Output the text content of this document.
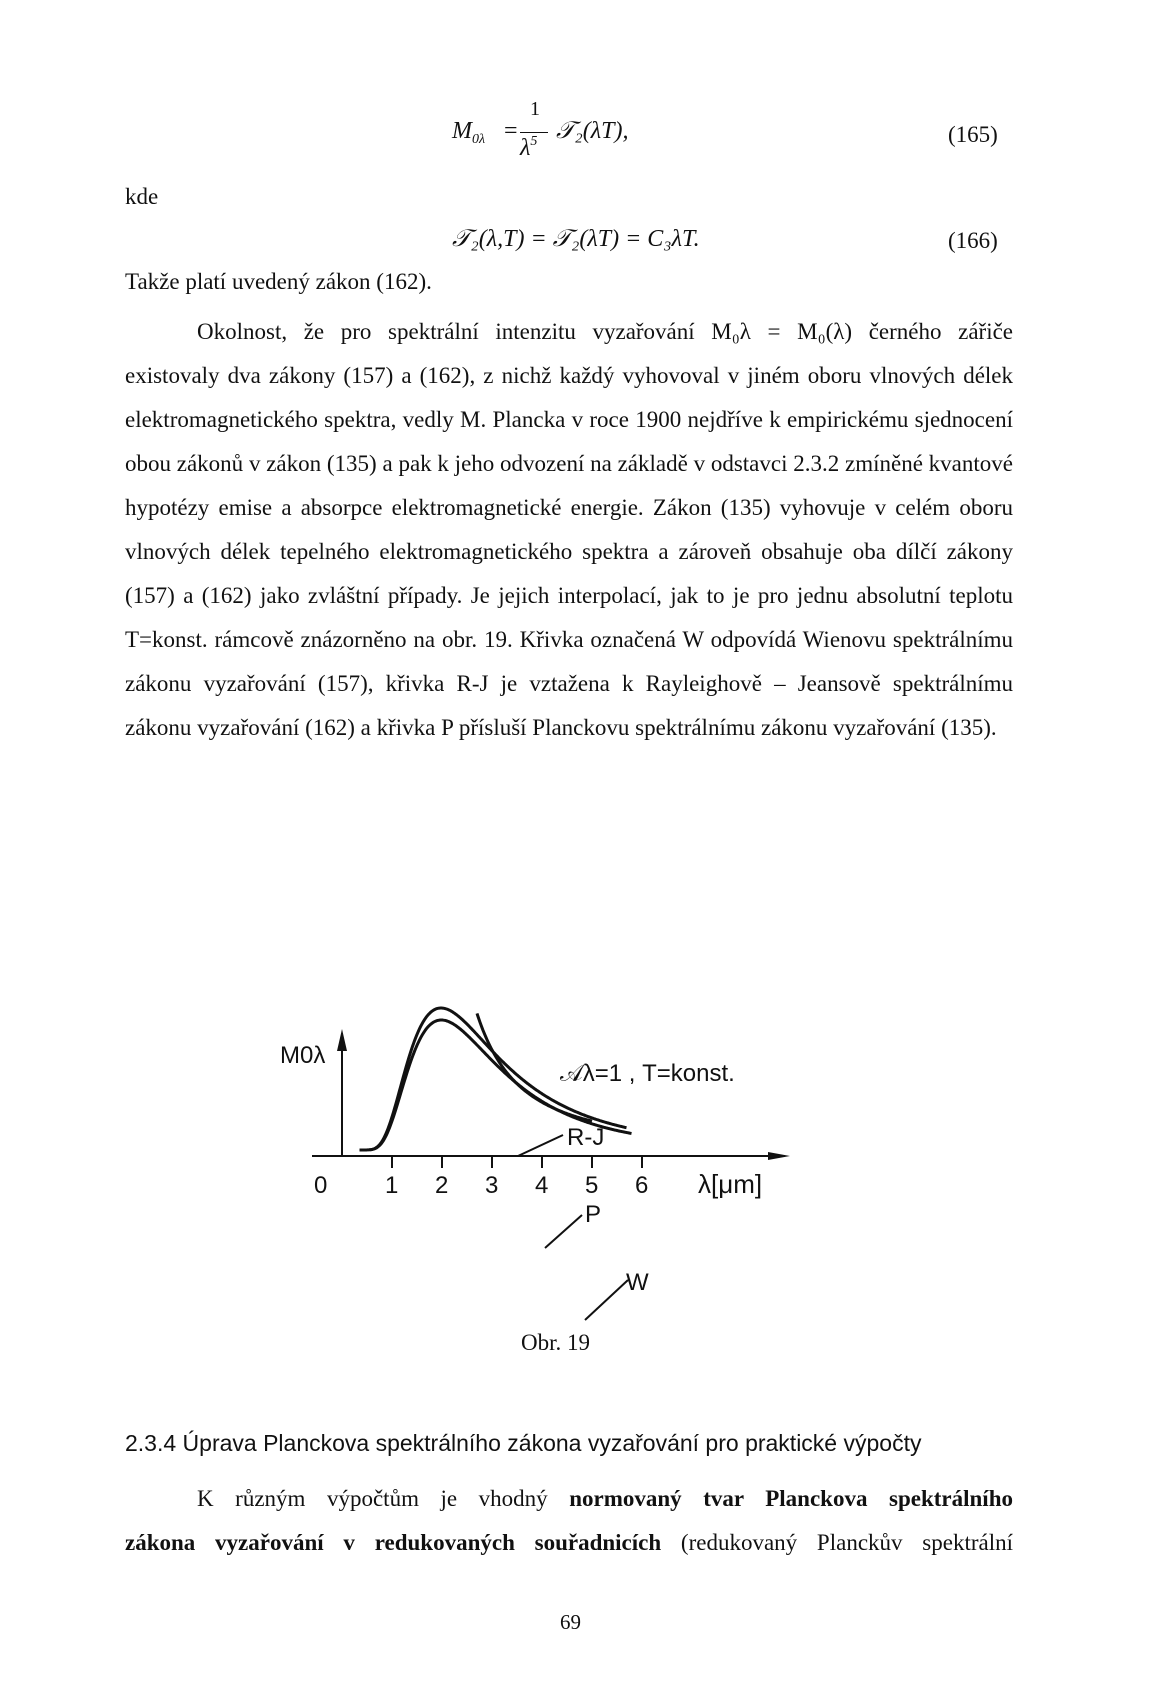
$M_{0\lambda}$ =
1
$\lambda^5$ 𝒯₂(λT),	(165)
kde
𝒯₂(λ,T) = 𝒯₂(λT) = C₃λT.	(166)
Takže platí uvedený zákon (162).

Okolnost, že pro spektrální intenzitu vyzařování M₀λ = M₀(λ) černého zářiče

existovaly dva zákony (157) a (162), z nichž každý vyhovoval v jiném oboru vlnových délek elektromagnetického spektra, vedly M. Plancka v roce 1900 nejdříve k empirickému sjednocení obou zákonů v zákon (135) a pak k jeho odvození na základě v odstavci 2.3.2 zmíněné kvantové hypotézy emise a absorpce elektromagnetické energie. Zákon (135) vyhovuje v celém oboru vlnových délek tepelného elektromagnetického spektra a zároveň obsahuje oba dílčí zákony (157) a (162) jako zvláštní případy. Je jejich interpolací, jak to je pro jednu absolutní teplotu T=konst. rámcově znázorněno na obr. 19. Křivka označená W odpovídá Wienovu spektrálnímu zákonu vyzařování (157), křivka R-J je vztažena k Rayleighově – Jeansově spektrálnímu zákonu vyzařování (162) a křivka P přísluší Planckovu spektrálnímu zákonu vyzařování (135).
0 1 2 3 4 5 6 λ[μm]
M0λ
𝒜λ=1 , T=konst.
R-J
P
W
Obr. 19
2.3.4 Úprava Planckova spektrálního zákona vyzařování pro praktické výpočty
K různým výpočtům je vhodný normovaný tvar Planckova spektrálního
zákona vyzařování v redukovaných souřadnicích (redukovaný Planckův spektrální
69
